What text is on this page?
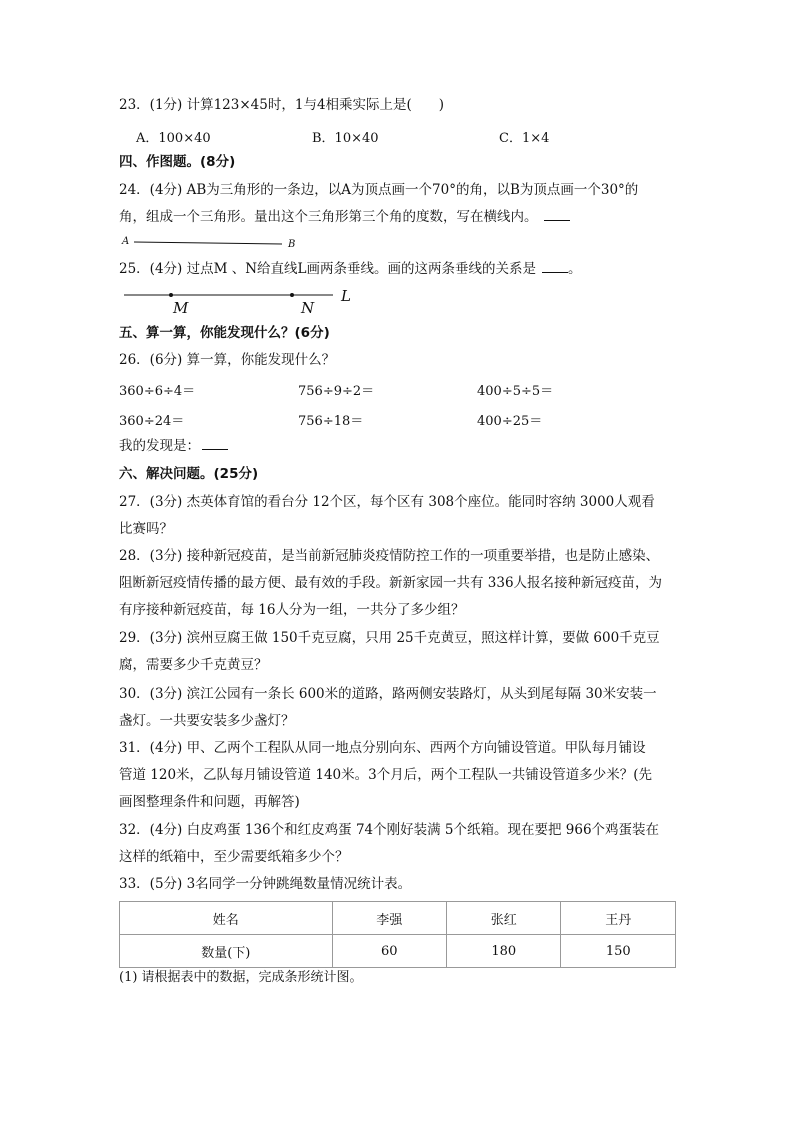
23．(1分) 计算123×45时，1与4相乘实际上是(　　)
A．100×40	B．10×40	C．1×4
四、作图题。(8分)
24．(4分) AB为三角形的一条边，以A为顶点画一个70°的角，以B为顶点画一个30°的
角，组成一个三角形。量出这个三角形第三个角的度数，写在横线内。
A	B
25．(4分) 过点M 、N给直线L画两条垂线。画的这两条垂线的关系是 。
M	N
L
五、算一算，你能发现什么？(6分)
26．(6分) 算一算，你能发现什么？
360÷6÷4＝	756÷9÷2＝	400÷5÷5＝
360÷24＝	756÷18＝	400÷25＝
我的发现是：
六、解决问题。(25分)
27．(3分) 杰英体育馆的看台分 12个区，每个区有 308个座位。能同时容纳 3000人观看
比赛吗？
28．(3分) 接种新冠疫苗，是当前新冠肺炎疫情防控工作的一项重要举措，也是防止感染、
阻断新冠疫情传播的最方便、最有效的手段。新新家园一共有 336人报名接种新冠疫苗，为
有序接种新冠疫苗，每 16人分为一组，一共分了多少组？
29．(3分) 滨州豆腐王做 150千克豆腐，只用 25千克黄豆，照这样计算，要做 600千克豆
腐，需要多少千克黄豆？
30．(3分) 滨江公园有一条长 600米的道路，路两侧安装路灯，从头到尾每隔 30米安装一
盏灯。一共要安装多少盏灯？
31．(4分) 甲、乙两个工程队从同一地点分别向东、西两个方向铺设管道。甲队每月铺设
管道 120米，乙队每月铺设管道 140米。3个月后，两个工程队一共铺设管道多少米？(先
画图整理条件和问题，再解答)
32．(4分) 白皮鸡蛋 136个和红皮鸡蛋 74个刚好装满 5个纸箱。现在要把 966个鸡蛋装在
这样的纸箱中，至少需要纸箱多少个？
33．(5分) 3名同学一分钟跳绳数量情况统计表。
姓名	李强	张红	王丹
数量(下)	60	180	150
(1) 请根据表中的数据，完成条形统计图。
